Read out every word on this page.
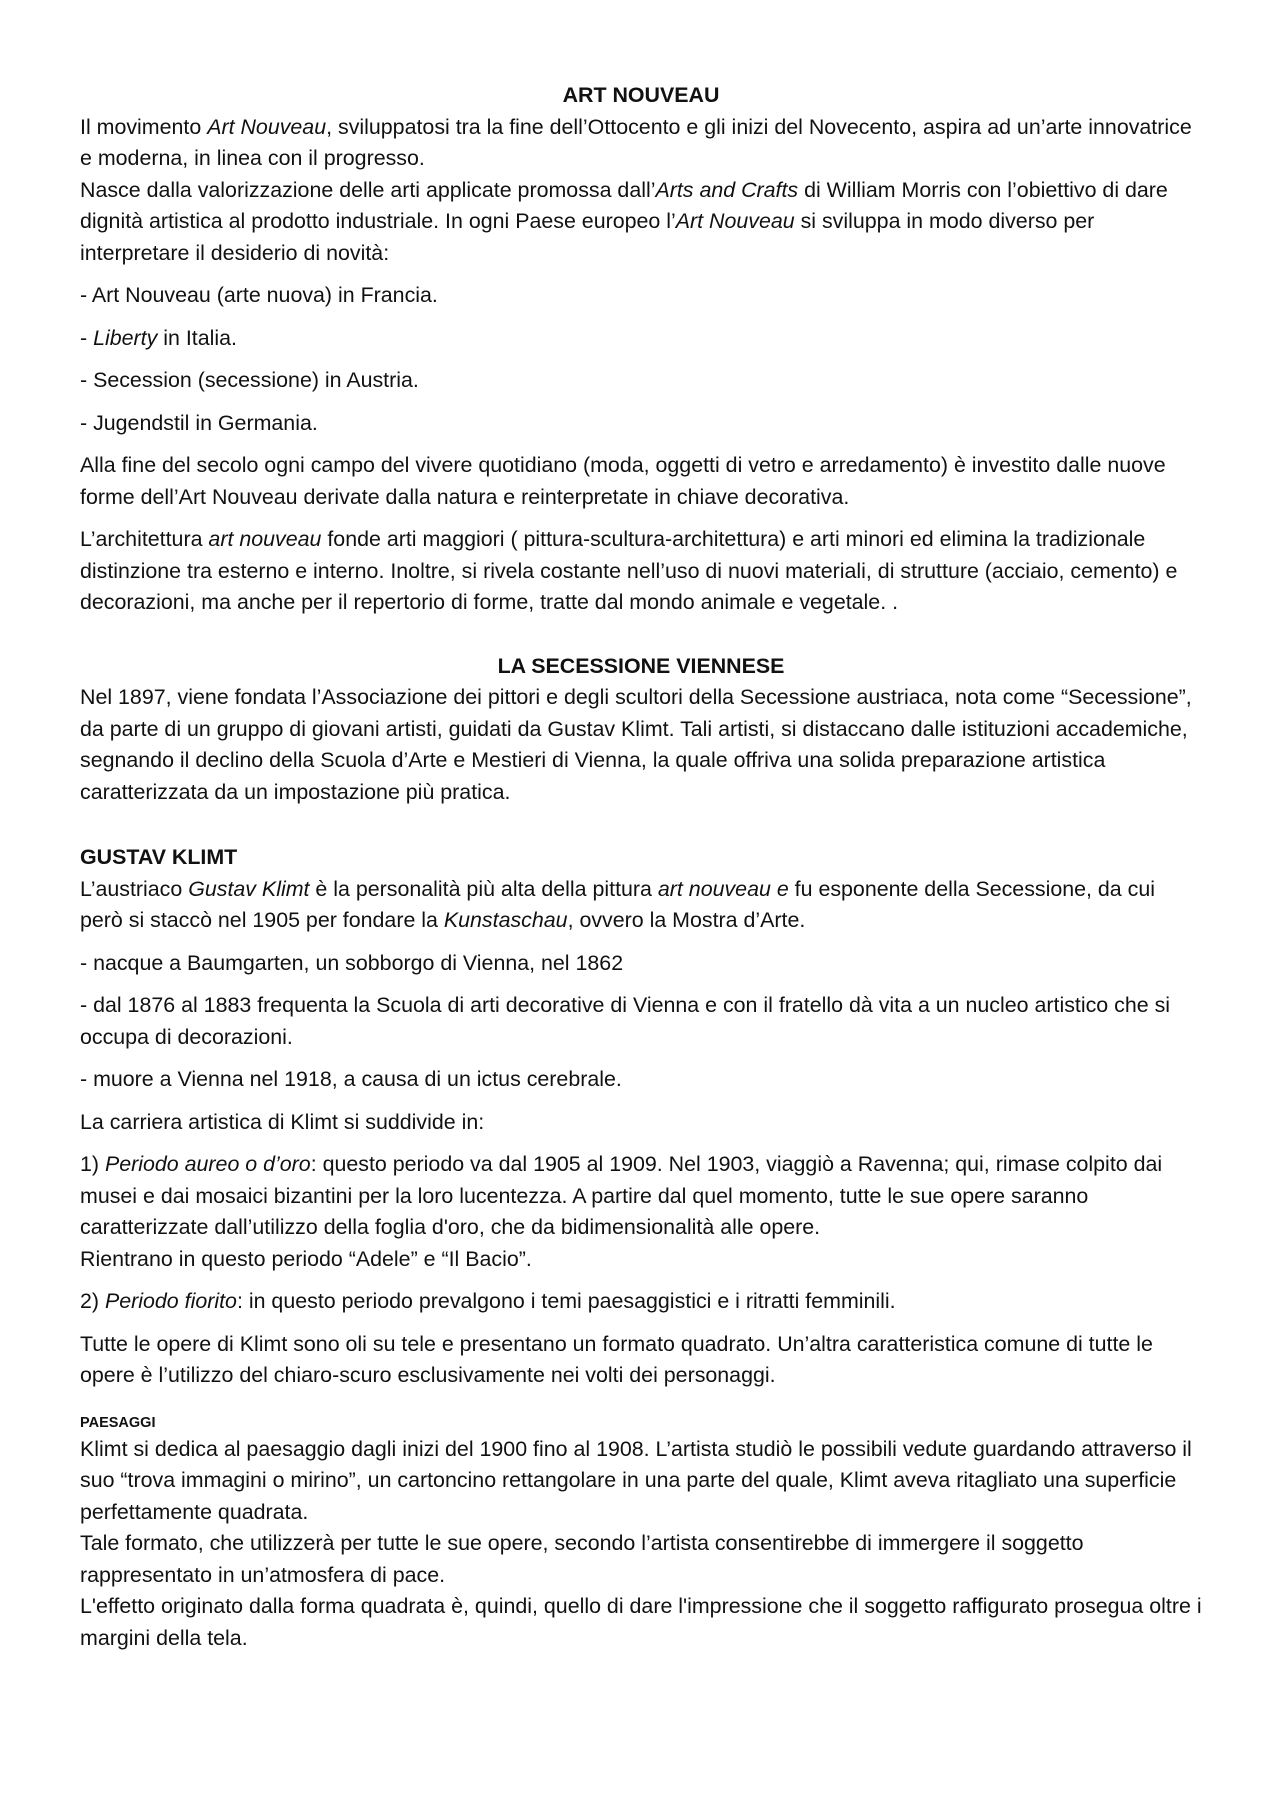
ART NOUVEAU

Il movimento Art Nouveau, sviluppatosi tra la fine dell’Ottocento e gli inizi del Novecento, aspira ad un’arte innovatrice e moderna, in linea con il progresso.

Nasce dalla valorizzazione delle arti applicate promossa dall’Arts and Crafts di William Morris con l’obiettivo di dare dignità artistica al prodotto industriale. In ogni Paese europeo l’Art Nouveau si sviluppa in modo diverso per interpretare il desiderio di novità:

- Art Nouveau (arte nuova) in Francia.

- Liberty in Italia.

- Secession (secessione) in Austria.

- Jugendstil in Germania.

Alla fine del secolo ogni campo del vivere quotidiano (moda, oggetti di vetro e arredamento) è investito dalle nuove forme dell’Art Nouveau derivate dalla natura e reinterpretate in chiave decorativa.

L’architettura art nouveau fonde arti maggiori ( pittura-scultura-architettura) e arti minori ed elimina la tradizionale distinzione tra esterno e interno. Inoltre, si rivela costante nell’uso di nuovi materiali, di strutture (acciaio, cemento) e decorazioni, ma anche per il repertorio di forme, tratte dal mondo animale e vegetale. .

LA SECESSIONE VIENNESE

Nel 1897, viene fondata l’Associazione dei pittori e degli scultori della Secessione austriaca, nota come “Secessione”, da parte di un gruppo di giovani artisti, guidati da Gustav Klimt. Tali artisti, si distaccano dalle istituzioni accademiche, segnando il declino della Scuola d’Arte e Mestieri di Vienna, la quale offriva una solida preparazione artistica caratterizzata da un impostazione più pratica.

GUSTAV KLIMT

L’austriaco Gustav Klimt è la personalità più alta della pittura art nouveau e fu esponente della Secessione, da cui però si staccò nel 1905 per fondare la Kunstaschau, ovvero la Mostra d’Arte.

- nacque a Baumgarten, un sobborgo di Vienna, nel 1862

- dal 1876 al 1883 frequenta la Scuola di arti decorative di Vienna e con il fratello dà vita a un nucleo artistico che si occupa di decorazioni.

- muore a Vienna nel 1918, a causa di un ictus cerebrale.

La carriera artistica di Klimt si suddivide in:

1) Periodo aureo o d’oro: questo periodo va dal 1905 al 1909. Nel 1903, viaggiò a Ravenna; qui, rimase colpito dai musei e dai mosaici bizantini per la loro lucentezza. A partire dal quel momento, tutte le sue opere saranno caratterizzate dall’utilizzo della foglia d'oro, che da bidimensionalità alle opere.

Rientrano in questo periodo “Adele” e “Il Bacio”.

2) Periodo fiorito: in questo periodo prevalgono i temi paesaggistici e i ritratti femminili.

Tutte le opere di Klimt sono oli su tele e presentano un formato quadrato. Un’altra caratteristica comune di tutte le opere è l’utilizzo del chiaro-scuro esclusivamente nei volti dei personaggi.

PAESAGGI

Klimt si dedica al paesaggio dagli inizi del 1900 fino al 1908. L’artista studiò le possibili vedute guardando attraverso il suo “trova immagini o mirino”, un cartoncino rettangolare in una parte del quale, Klimt aveva ritagliato una superficie perfettamente quadrata.

Tale formato, che utilizzerà per tutte le sue opere, secondo l’artista consentirebbe di immergere il soggetto rappresentato in un’atmosfera di pace.

L'effetto originato dalla forma quadrata è, quindi, quello di dare l'impressione che il soggetto raffigurato prosegua oltre i margini della tela.
